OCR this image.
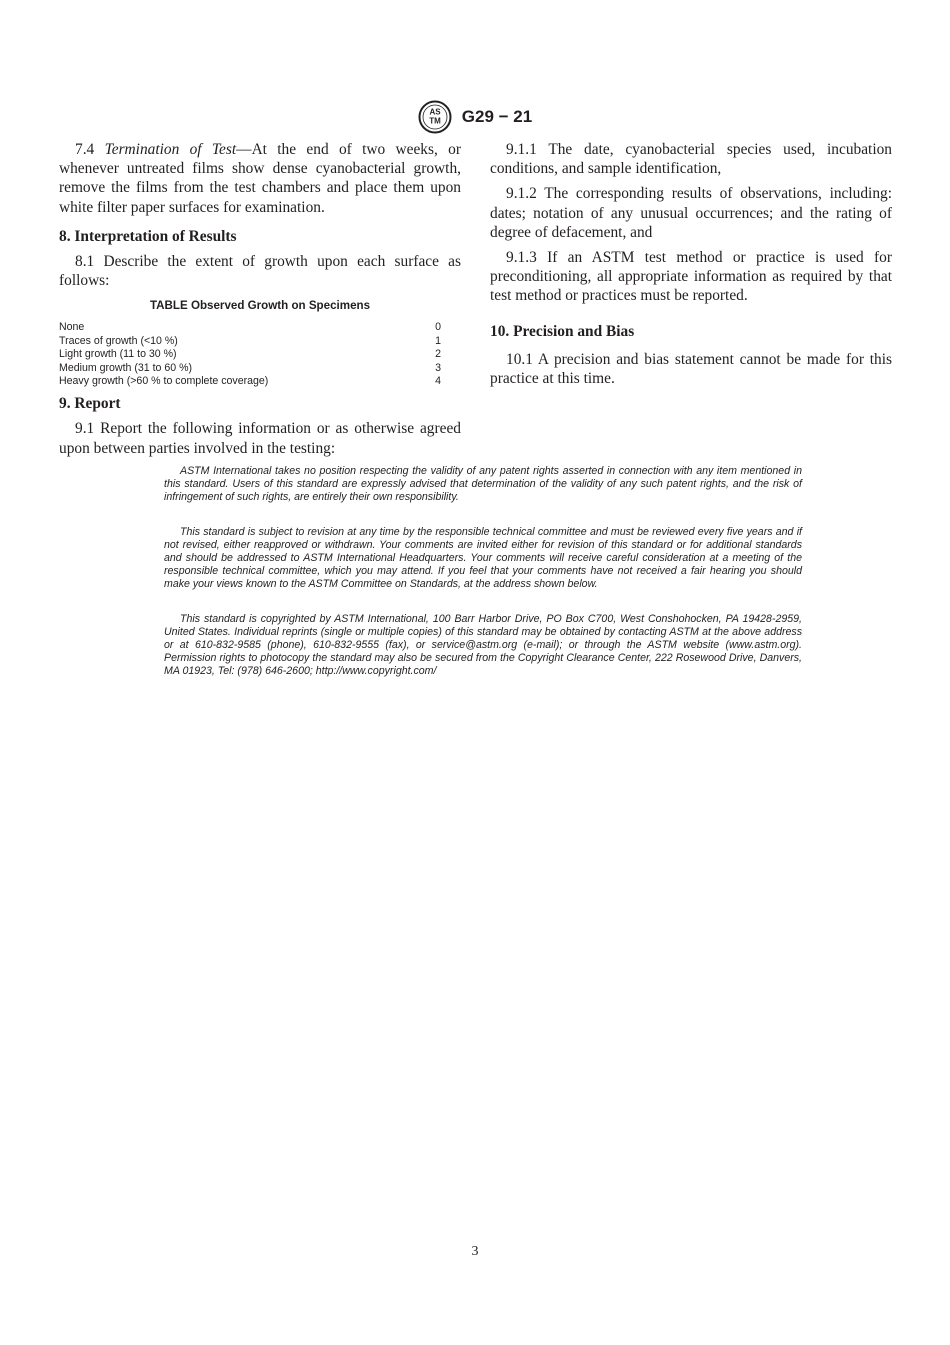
AS
TM G29 − 21

7.4 Termination of Test—At the end of two weeks, or whenever untreated films show dense cyanobacterial growth, remove the films from the test chambers and place them upon white filter paper surfaces for examination.

8. Interpretation of Results

8.1 Describe the extent of growth upon each surface as follows:

TABLE Observed Growth on Specimens
None	0
Traces of growth (<10 %)	1
Light growth (11 to 30 %)	2
Medium growth (31 to 60 %)	3
Heavy growth (>60 % to complete coverage)	4
9. Report

9.1 Report the following information or as otherwise agreed upon between parties involved in the testing:

9.1.1 The date, cyanobacterial species used, incubation conditions, and sample identification,

9.1.2 The corresponding results of observations, including: dates; notation of any unusual occurrences; and the rating of degree of defacement, and

9.1.3 If an ASTM test method or practice is used for preconditioning, all appropriate information as required by that test method or practices must be reported.

10. Precision and Bias

10.1 A precision and bias statement cannot be made for this practice at this time.

ASTM International takes no position respecting the validity of any patent rights asserted in connection with any item mentioned in this standard. Users of this standard are expressly advised that determination of the validity of any such patent rights, and the risk of infringement of such rights, are entirely their own responsibility.

This standard is subject to revision at any time by the responsible technical committee and must be reviewed every five years and if not revised, either reapproved or withdrawn. Your comments are invited either for revision of this standard or for additional standards and should be addressed to ASTM International Headquarters. Your comments will receive careful consideration at a meeting of the responsible technical committee, which you may attend. If you feel that your comments have not received a fair hearing you should make your views known to the ASTM Committee on Standards, at the address shown below.

This standard is copyrighted by ASTM International, 100 Barr Harbor Drive, PO Box C700, West Conshohocken, PA 19428-2959, United States. Individual reprints (single or multiple copies) of this standard may be obtained by contacting ASTM at the above address or at 610-832-9585 (phone), 610-832-9555 (fax), or service@astm.org (e-mail); or through the ASTM website (www.astm.org). Permission rights to photocopy the standard may also be secured from the Copyright Clearance Center, 222 Rosewood Drive, Danvers, MA 01923, Tel: (978) 646-2600; http://www.copyright.com/

3
